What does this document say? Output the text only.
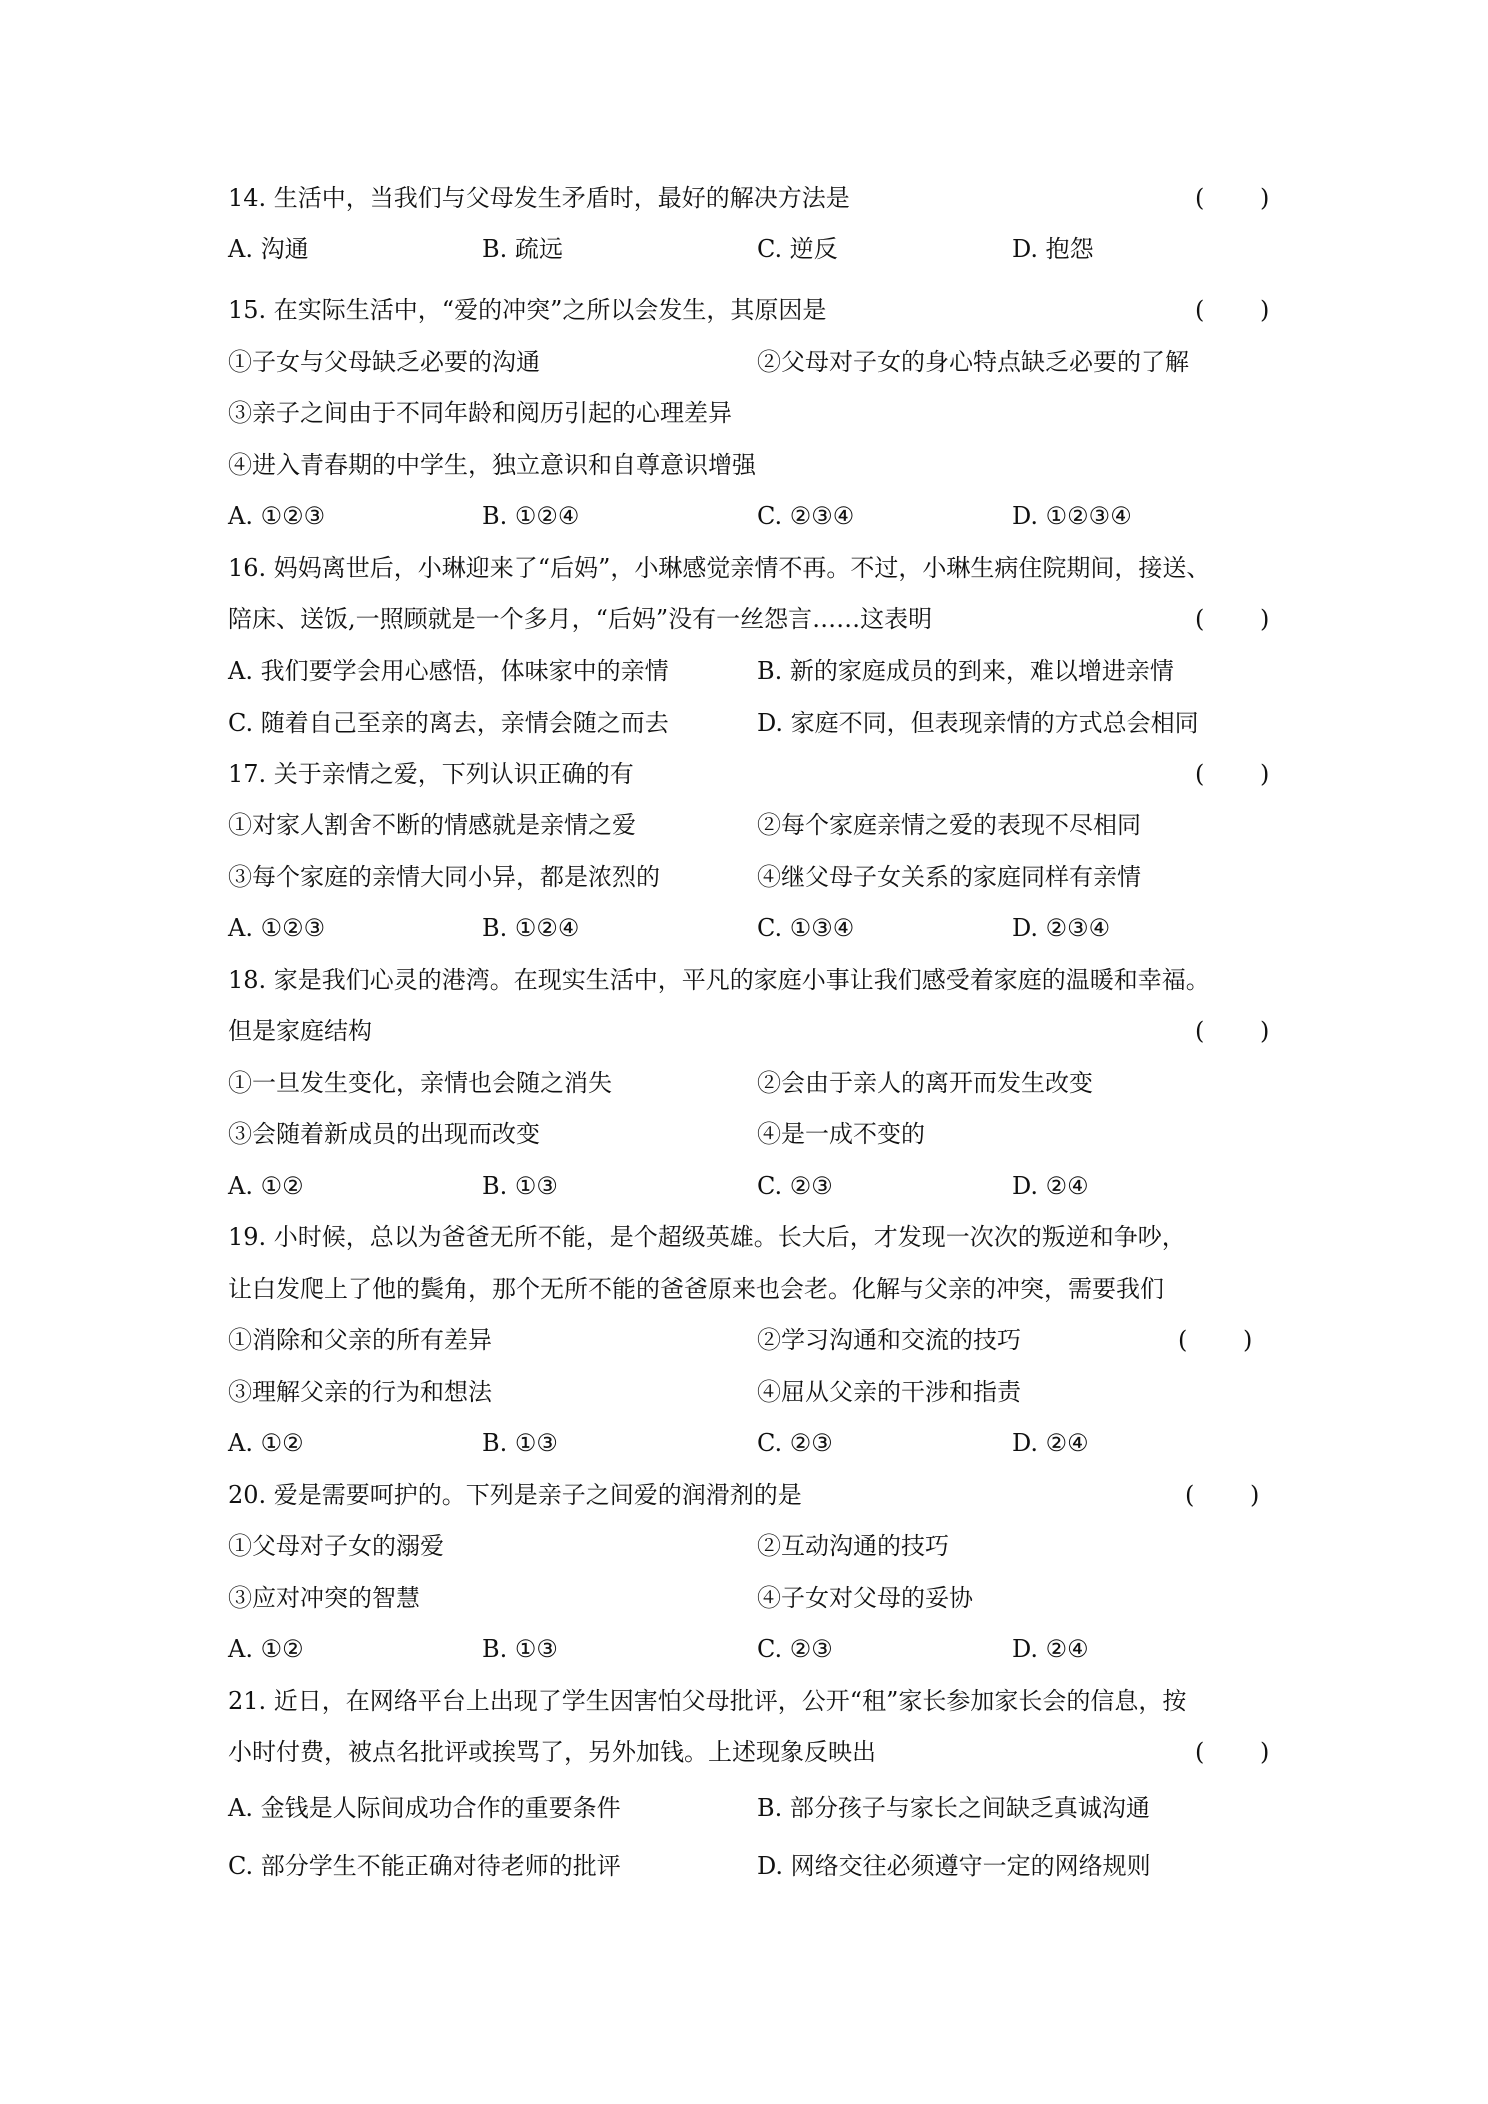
14. 生活中，当我们与父母发生矛盾时，最好的解决方法是	( )
A. 沟通	B. 疏远	C. 逆反	D. 抱怨
15. 在实际生活中，“爱的冲突”之所以会发生，其原因是	( )
①子女与父母缺乏必要的沟通	②父母对子女的身心特点缺乏必要的了解
③亲子之间由于不同年龄和阅历引起的心理差异
④进入青春期的中学生，独立意识和自尊意识增强
A. ①②③	B. ①②④	C. ②③④	D. ①②③④
16. 妈妈离世后，小琳迎来了“后妈”，小琳感觉亲情不再。不过，小琳生病住院期间，接送、
陪床、送饭,一照顾就是一个多月，“后妈”没有一丝怨言……这表明	( )
A. 我们要学会用心感悟，体味家中的亲情	B. 新的家庭成员的到来，难以增进亲情
C. 随着自己至亲的离去，亲情会随之而去	D. 家庭不同，但表现亲情的方式总会相同
17. 关于亲情之爱，下列认识正确的有	( )
①对家人割舍不断的情感就是亲情之爱	②每个家庭亲情之爱的表现不尽相同
③每个家庭的亲情大同小异，都是浓烈的	④继父母子女关系的家庭同样有亲情
A. ①②③	B. ①②④	C. ①③④	D. ②③④
18. 家是我们心灵的港湾。在现实生活中，平凡的家庭小事让我们感受着家庭的温暖和幸福。
但是家庭结构	( )
①一旦发生变化，亲情也会随之消失	②会由于亲人的离开而发生改变
③会随着新成员的出现而改变	④是一成不变的
A. ①②	B. ①③	C. ②③	D. ②④
19. 小时候，总以为爸爸无所不能，是个超级英雄。长大后，才发现一次次的叛逆和争吵，
让白发爬上了他的鬓角，那个无所不能的爸爸原来也会老。化解与父亲的冲突，需要我们
①消除和父亲的所有差异	②学习沟通和交流的技巧	( )
③理解父亲的行为和想法	④屈从父亲的干涉和指责
A. ①②	B. ①③	C. ②③	D. ②④
20. 爱是需要呵护的。下列是亲子之间爱的润滑剂的是	( )
①父母对子女的溺爱	②互动沟通的技巧
③应对冲突的智慧	④子女对父母的妥协
A. ①②	B. ①③	C. ②③	D. ②④
21. 近日，在网络平台上出现了学生因害怕父母批评，公开“租”家长参加家长会的信息，按
小时付费，被点名批评或挨骂了，另外加钱。上述现象反映出	( )
A. 金钱是人际间成功合作的重要条件	B. 部分孩子与家长之间缺乏真诚沟通
C. 部分学生不能正确对待老师的批评	D. 网络交往必须遵守一定的网络规则
